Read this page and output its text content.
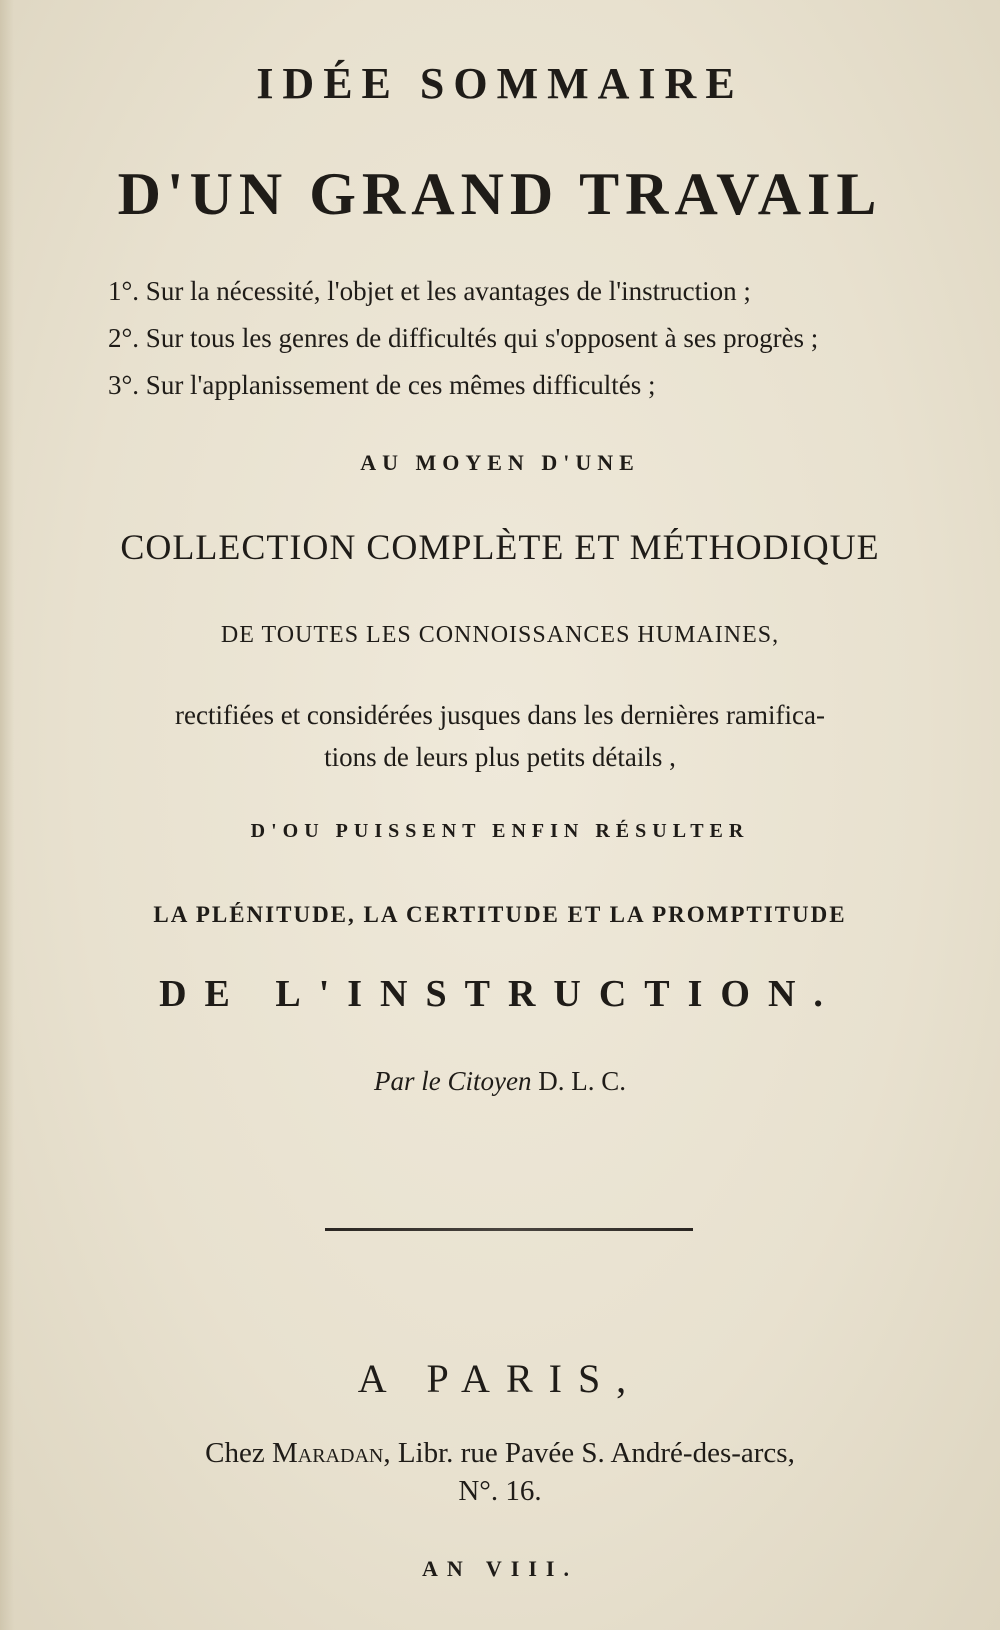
IDÉE SOMMAIRE
D'UN GRAND TRAVAIL
1°. Sur la nécessité, l'objet et les avantages de l'instruction ;
2°. Sur tous les genres de difficultés qui s'opposent à ses progrès ;
3°. Sur l'applanissement de ces mêmes difficultés ;
AU MOYEN D'UNE
COLLECTION COMPLÈTE ET MÉTHODIQUE
DE TOUTES LES CONNOISSANCES HUMAINES,
rectifiées et considérées jusques dans les dernières ramifica-
tions de leurs plus petits détails ,
D'OU PUISSENT ENFIN RÉSULTER
LA PLÉNITUDE, LA CERTITUDE ET LA PROMPTITUDE
DE L'INSTRUCTION.
Par le Citoyen D. L. C.
A PARIS,
Chez Maradan, Libr. rue Pavée S. André-des-arcs,
N°. 16.
AN VIII.
